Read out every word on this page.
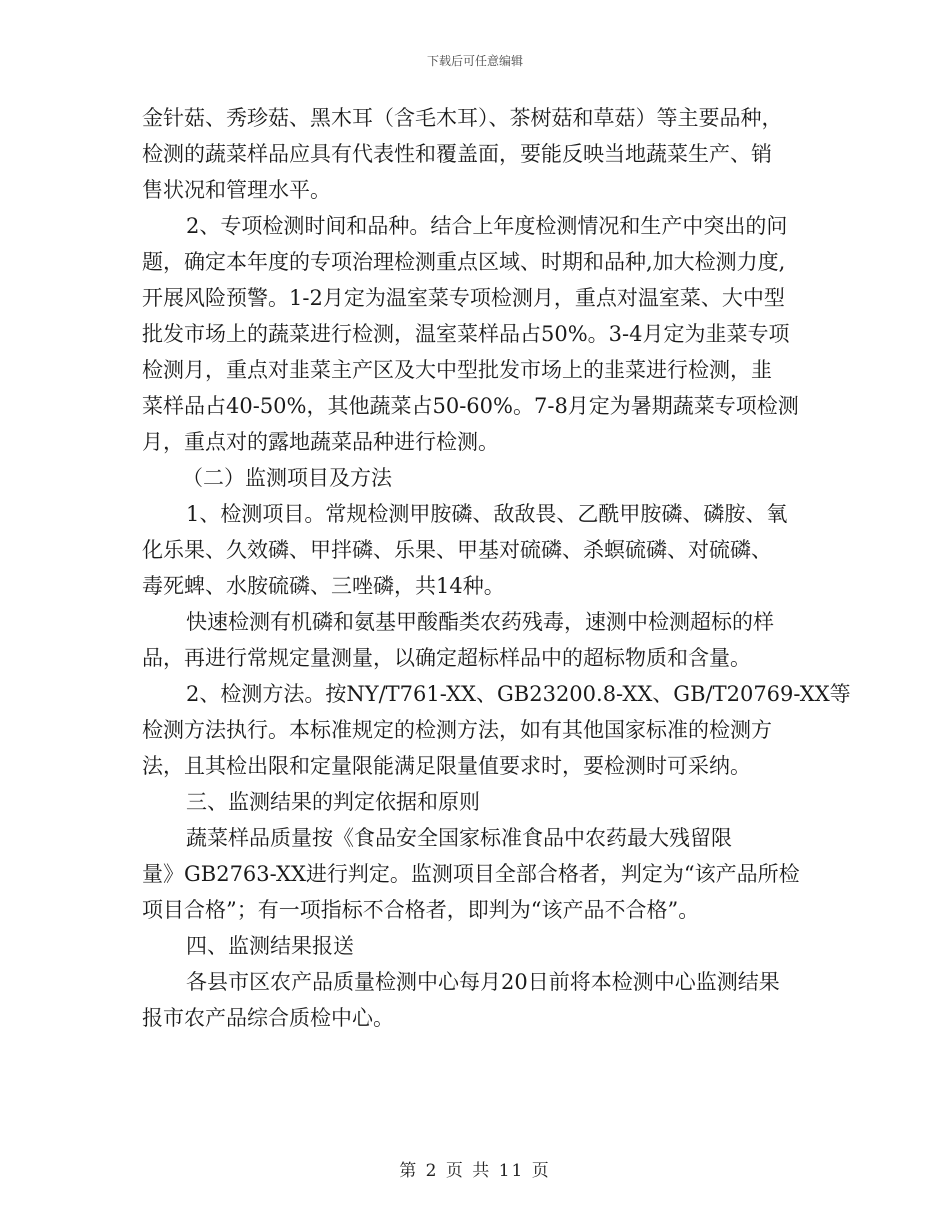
下载后可任意编辑
金针菇、秀珍菇、黑木耳（含毛木耳）、茶树菇和草菇）等主要品种，
检测的蔬菜样品应具有代表性和覆盖面，要能反映当地蔬菜生产、销
售状况和管理水平。
2、专项检测时间和品种。结合上年度检测情况和生产中突出的问
题，确定本年度的专项治理检测重点区域、时期和品种,加大检测力度,
开展风险预警。1-2月定为温室菜专项检测月，重点对温室菜、大中型
批发市场上的蔬菜进行检测，温室菜样品占50%。3-4月定为韭菜专项
检测月，重点对韭菜主产区及大中型批发市场上的韭菜进行检测，韭
菜样品占40-50%，其他蔬菜占50-60%。7-8月定为暑期蔬菜专项检测
月，重点对的露地蔬菜品种进行检测。
（二）监测项目及方法
1、检测项目。常规检测甲胺磷、敌敌畏、乙酰甲胺磷、磷胺、氧
化乐果、久效磷、甲拌磷、乐果、甲基对硫磷、杀螟硫磷、对硫磷、
毒死蜱、水胺硫磷、三唑磷，共14种。
快速检测有机磷和氨基甲酸酯类农药残毒，速测中检测超标的样
品，再进行常规定量测量，以确定超标样品中的超标物质和含量。
2、检测方法。按NY/T761-XX、GB23200.8-XX、GB/T20769-XX等
检测方法执行。本标准规定的检测方法，如有其他国家标准的检测方
法，且其检出限和定量限能满足限量值要求时，要检测时可采纳。
三、监测结果的判定依据和原则
蔬菜样品质量按《食品安全国家标准食品中农药最大残留限
量》GB2763-XX进行判定。监测项目全部合格者，判定为“该产品所检
项目合格”；有一项指标不合格者，即判为“该产品不合格”。
四、监测结果报送
各县市区农产品质量检测中心每月20日前将本检测中心监测结果
报市农产品综合质检中心。
第 2 页 共 11 页
